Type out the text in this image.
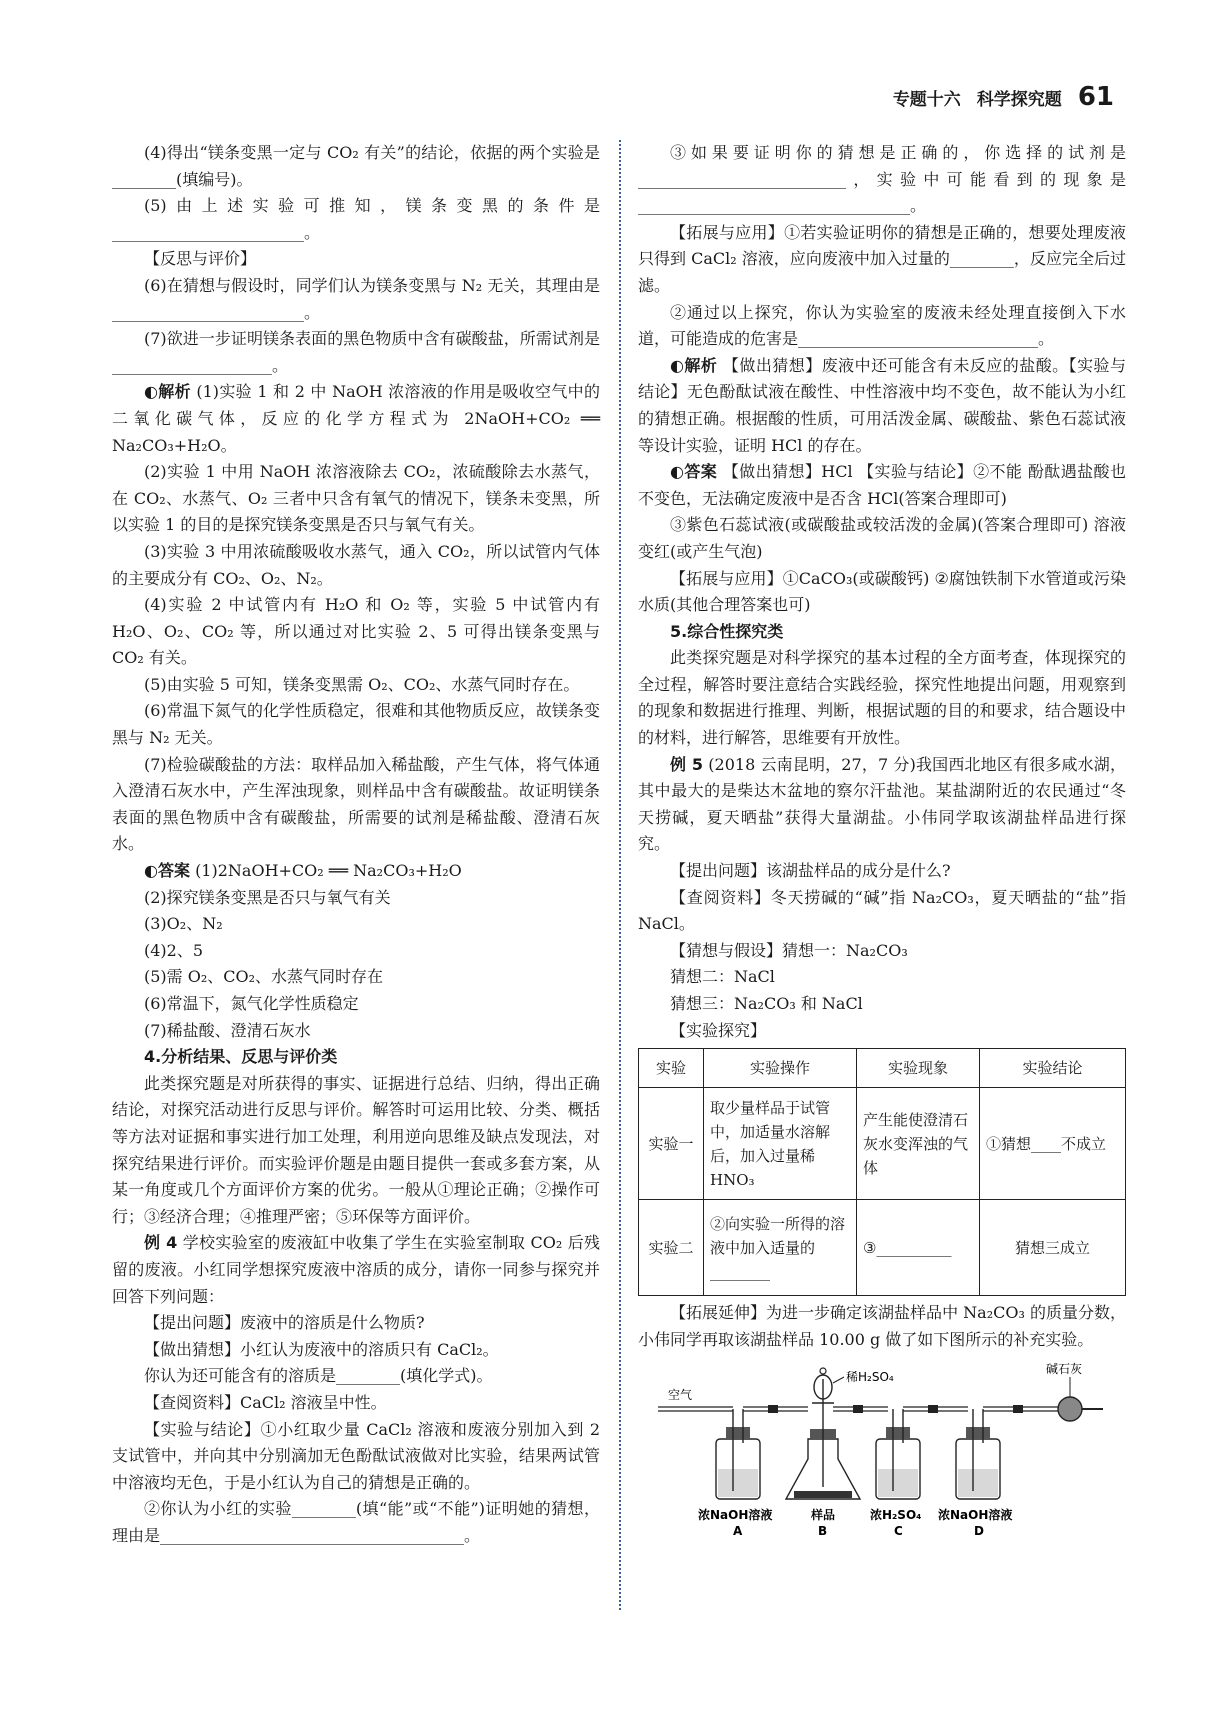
专题十六 科学探究题 61

(4)得出“镁条变黑一定与 CO₂ 有关”的结论，依据的两个实验是________(填编号)。

(5)由上述实验可推知，镁条变黑的条件是________________________。

【反思与评价】

(6)在猜想与假设时，同学们认为镁条变黑与 N₂ 无关，其理由是________________________。

(7)欲进一步证明镁条表面的黑色物质中含有碳酸盐，所需试剂是____________________。

◐解析 (1)实验 1 和 2 中 NaOH 浓溶液的作用是吸收空气中的二氧化碳气体，反应的化学方程式为 2NaOH+CO₂ ══ Na₂CO₃+H₂O。

(2)实验 1 中用 NaOH 浓溶液除去 CO₂，浓硫酸除去水蒸气，在 CO₂、水蒸气、O₂ 三者中只含有氧气的情况下，镁条未变黑，所以实验 1 的目的是探究镁条变黑是否只与氧气有关。

(3)实验 3 中用浓硫酸吸收水蒸气，通入 CO₂，所以试管内气体的主要成分有 CO₂、O₂、N₂。

(4)实验 2 中试管内有 H₂O 和 O₂ 等，实验 5 中试管内有 H₂O、O₂、CO₂ 等，所以通过对比实验 2、5 可得出镁条变黑与 CO₂ 有关。

(5)由实验 5 可知，镁条变黑需 O₂、CO₂、水蒸气同时存在。

(6)常温下氮气的化学性质稳定，很难和其他物质反应，故镁条变黑与 N₂ 无关。

(7)检验碳酸盐的方法：取样品加入稀盐酸，产生气体，将气体通入澄清石灰水中，产生浑浊现象，则样品中含有碳酸盐。故证明镁条表面的黑色物质中含有碳酸盐，所需要的试剂是稀盐酸、澄清石灰水。

◐答案 (1)2NaOH+CO₂ ══ Na₂CO₃+H₂O

(2)探究镁条变黑是否只与氧气有关

(3)O₂、N₂

(4)2、5

(5)需 O₂、CO₂、水蒸气同时存在

(6)常温下，氮气化学性质稳定

(7)稀盐酸、澄清石灰水

4.分析结果、反思与评价类

此类探究题是对所获得的事实、证据进行总结、归纳，得出正确结论，对探究活动进行反思与评价。解答时可运用比较、分类、概括等方法对证据和事实进行加工处理，利用逆向思维及缺点发现法，对探究结果进行评价。而实验评价题是由题目提供一套或多套方案，从某一角度或几个方面评价方案的优劣。一般从①理论正确；②操作可行；③经济合理；④推理严密；⑤环保等方面评价。

例 4 学校实验室的废液缸中收集了学生在实验室制取 CO₂ 后残留的废液。小红同学想探究废液中溶质的成分，请你一同参与探究并回答下列问题：

【提出问题】废液中的溶质是什么物质?

【做出猜想】小红认为废液中的溶质只有 CaCl₂。

你认为还可能含有的溶质是________(填化学式)。

【查阅资料】CaCl₂ 溶液呈中性。

【实验与结论】①小红取少量 CaCl₂ 溶液和废液分别加入到 2 支试管中，并向其中分别滴加无色酚酞试液做对比实验，结果两试管中溶液均无色，于是小红认为自己的猜想是正确的。

②你认为小红的实验________(填“能”或“不能”)证明她的猜想，理由是______________________________________。

③如果要证明你的猜想是正确的，你选择的试剂是__________________________，实验中可能看到的现象是__________________________________。

【拓展与应用】①若实验证明你的猜想是正确的，想要处理废液只得到 CaCl₂ 溶液，应向废液中加入过量的________，反应完全后过滤。

②通过以上探究，你认为实验室的废液未经处理直接倒入下水道，可能造成的危害是______________________________。

◐解析 【做出猜想】废液中还可能含有未反应的盐酸。【实验与结论】无色酚酞试液在酸性、中性溶液中均不变色，故不能认为小红的猜想正确。根据酸的性质，可用活泼金属、碳酸盐、紫色石蕊试液等设计实验，证明 HCl 的存在。

◐答案 【做出猜想】HCl 【实验与结论】②不能 酚酞遇盐酸也不变色，无法确定废液中是否含 HCl(答案合理即可)

③紫色石蕊试液(或碳酸盐或较活泼的金属)(答案合理即可) 溶液变红(或产生气泡)

【拓展与应用】①CaCO₃(或碳酸钙) ②腐蚀铁制下水管道或污染水质(其他合理答案也可)

5.综合性探究类

此类探究题是对科学探究的基本过程的全方面考查，体现探究的全过程，解答时要注意结合实践经验，探究性地提出问题，用观察到的现象和数据进行推理、判断，根据试题的目的和要求，结合题设中的材料，进行解答，思维要有开放性。

例 5 (2018 云南昆明，27，7 分)我国西北地区有很多咸水湖，其中最大的是柴达木盆地的察尔汗盐池。某盐湖附近的农民通过“冬天捞碱，夏天晒盐”获得大量湖盐。小伟同学取该湖盐样品进行探究。

【提出问题】该湖盐样品的成分是什么?

【查阅资料】冬天捞碱的“碱”指 Na₂CO₃，夏天晒盐的“盐”指 NaCl。

【猜想与假设】猜想一：Na₂CO₃

猜想二：NaCl

猜想三：Na₂CO₃ 和 NaCl

【实验探究】

实验	实验操作	实验现象	实验结论
实验一	取少量样品于试管中，加适量水溶解后，加入过量稀 HNO₃	产生能使澄清石灰水变浑浊的气体	①猜想____不成立
实验二	②向实验一所得的溶液中加入适量的________	③__________	猜想三成立

【拓展延伸】为进一步确定该湖盐样品中 Na₂CO₃ 的质量分数，小伟同学再取该湖盐样品 10.00 g 做了如下图所示的补充实验。

空气
稀H₂SO₄
碱石灰
浓NaOH溶液	样品	浓H₂SO₄ 浓NaOH溶液
A	B	C	D
